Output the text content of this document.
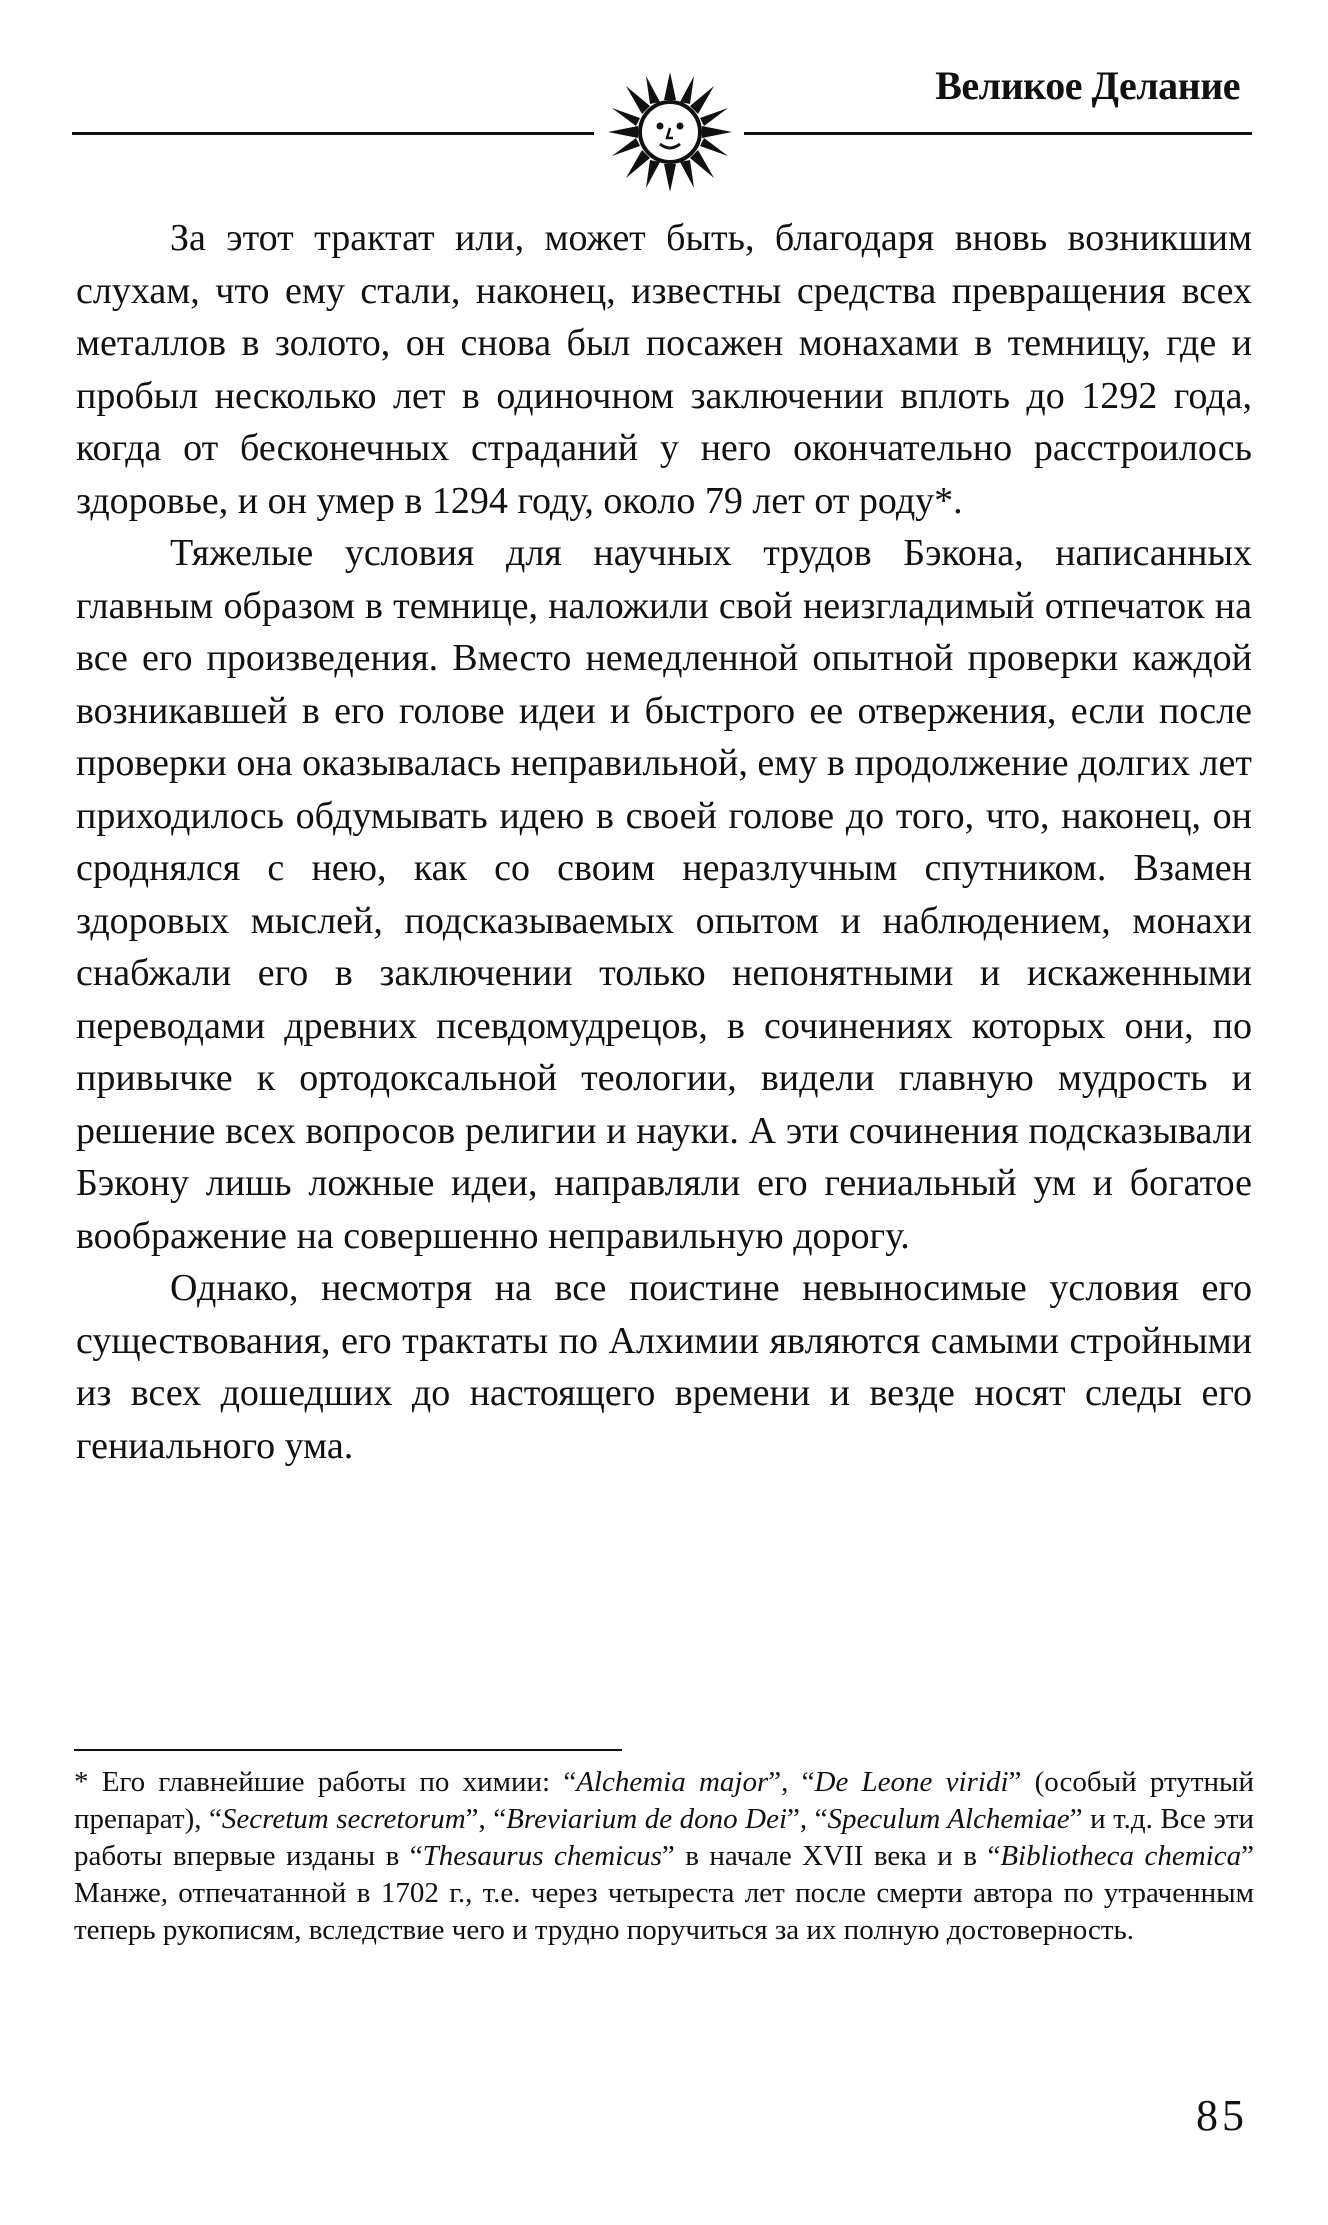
Великое Делание

За этот трактат или, может быть, благодаря вновь возникшим слухам, что ему стали, наконец, известны средства превращения всех металлов в золото, он снова был посажен монахами в темницу, где и пробыл несколько лет в одиночном заключении вплоть до 1292 года, когда от бесконечных страданий у него окончательно расстроилось здоровье, и он умер в 1294 году, около 79 лет от роду*.

Тяжелые условия для научных трудов Бэкона, написанных главным образом в темнице, наложили свой неизгладимый отпечаток на все его произведения. Вместо немедленной опытной проверки каждой возникавшей в его голове идеи и быстрого ее отвержения, если после проверки она оказывалась неправильной, ему в продолжение долгих лет приходилось обдумывать идею в своей голове до того, что, наконец, он сроднялся с нею, как со своим неразлучным спутником. Взамен здоровых мыслей, подсказываемых опытом и наблюдением, монахи снабжали его в заключении только непонятными и искаженными переводами древних псевдомудрецов, в сочинениях которых они, по привычке к ортодоксальной теологии, видели главную мудрость и решение всех вопросов религии и науки. А эти сочинения подсказывали Бэкону лишь ложные идеи, направляли его гениальный ум и богатое воображение на совершенно неправильную дорогу.

Однако, несмотря на все поистине невыносимые условия его существования, его трактаты по Алхимии являются самыми стройными из всех дошедших до настоящего времени и везде носят следы его гениального ума.

* Его главнейшие работы по химии: “Alchemia major”, “De Leone viridi” (особый ртутный препарат), “Secretum secretorum”, “Breviarium de dono Dei”, “Speculum Alchemiae” и т.д. Все эти работы впервые изданы в “Thesaurus chemicus” в начале XVII века и в “Bibliotheca chemica” Манже, отпечатанной в 1702 г., т.е. через четыреста лет после смерти автора по утраченным теперь рукописям, вследствие чего и трудно поручиться за их полную достоверность.
85
